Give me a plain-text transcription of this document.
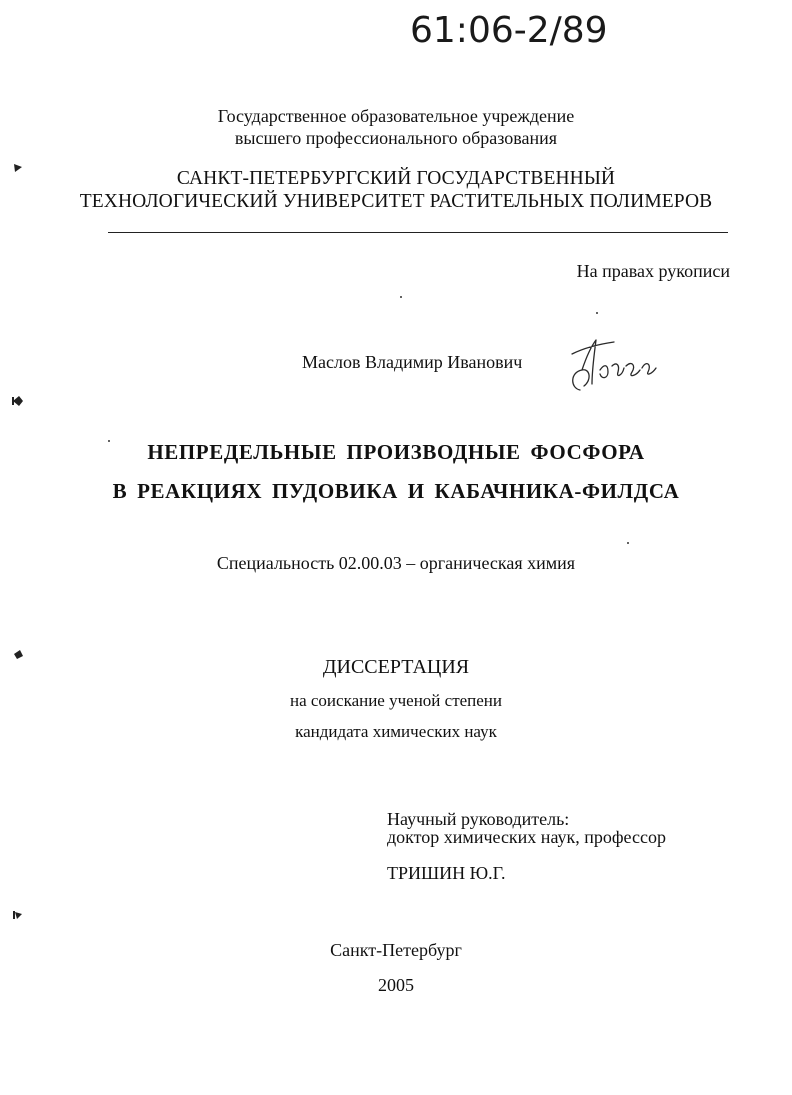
61:06-2/89
Государственное образовательное учреждение
высшего профессионального образования
САНКТ-ПЕТЕРБУРГСКИЙ ГОСУДАРСТВЕННЫЙ
ТЕХНОЛОГИЧЕСКИЙ УНИВЕРСИТЕТ РАСТИТЕЛЬНЫХ ПОЛИМЕРОВ
На правах рукописи
Маслов Владимир Иванович
НЕПРЕДЕЛЬНЫЕ ПРОИЗВОДНЫЕ ФОСФОРА
В РЕАКЦИЯХ ПУДОВИКА И КАБАЧНИКА-ФИЛДСА
Специальность 02.00.03 – органическая химия
ДИССЕРТАЦИЯ
на соискание ученой степени
кандидата химических наук
Научный руководитель:
доктор химических наук, профессор
ТРИШИН Ю.Г.
Санкт-Петербург
2005
